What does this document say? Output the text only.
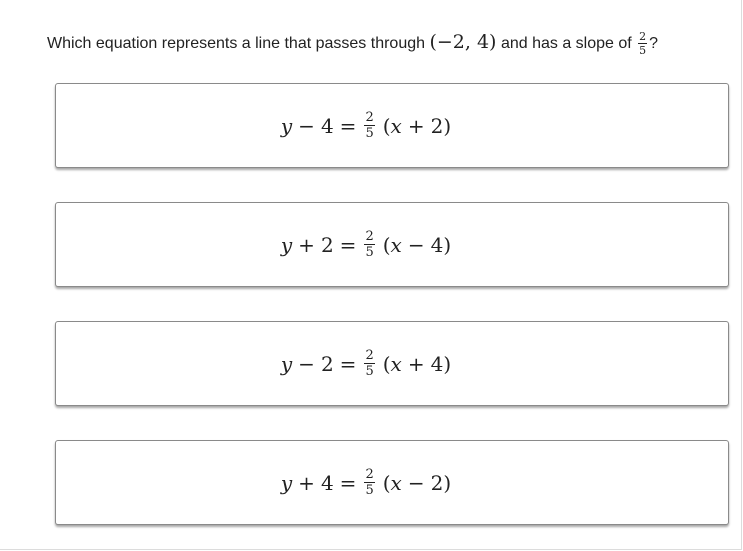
Which equation represents a line that passes through (−2, 4) and has a slope of $\frac{2}{5}$ ?
$y - 4 = \frac{2}{5}$ ( x + 2 )
$y + 2 = \frac{2}{5}$ ( x − 4 )
$y - 2 = \frac{2}{5}$ ( x + 4 )
$y + 4 = \frac{2}{5}$ ( x − 2 )
